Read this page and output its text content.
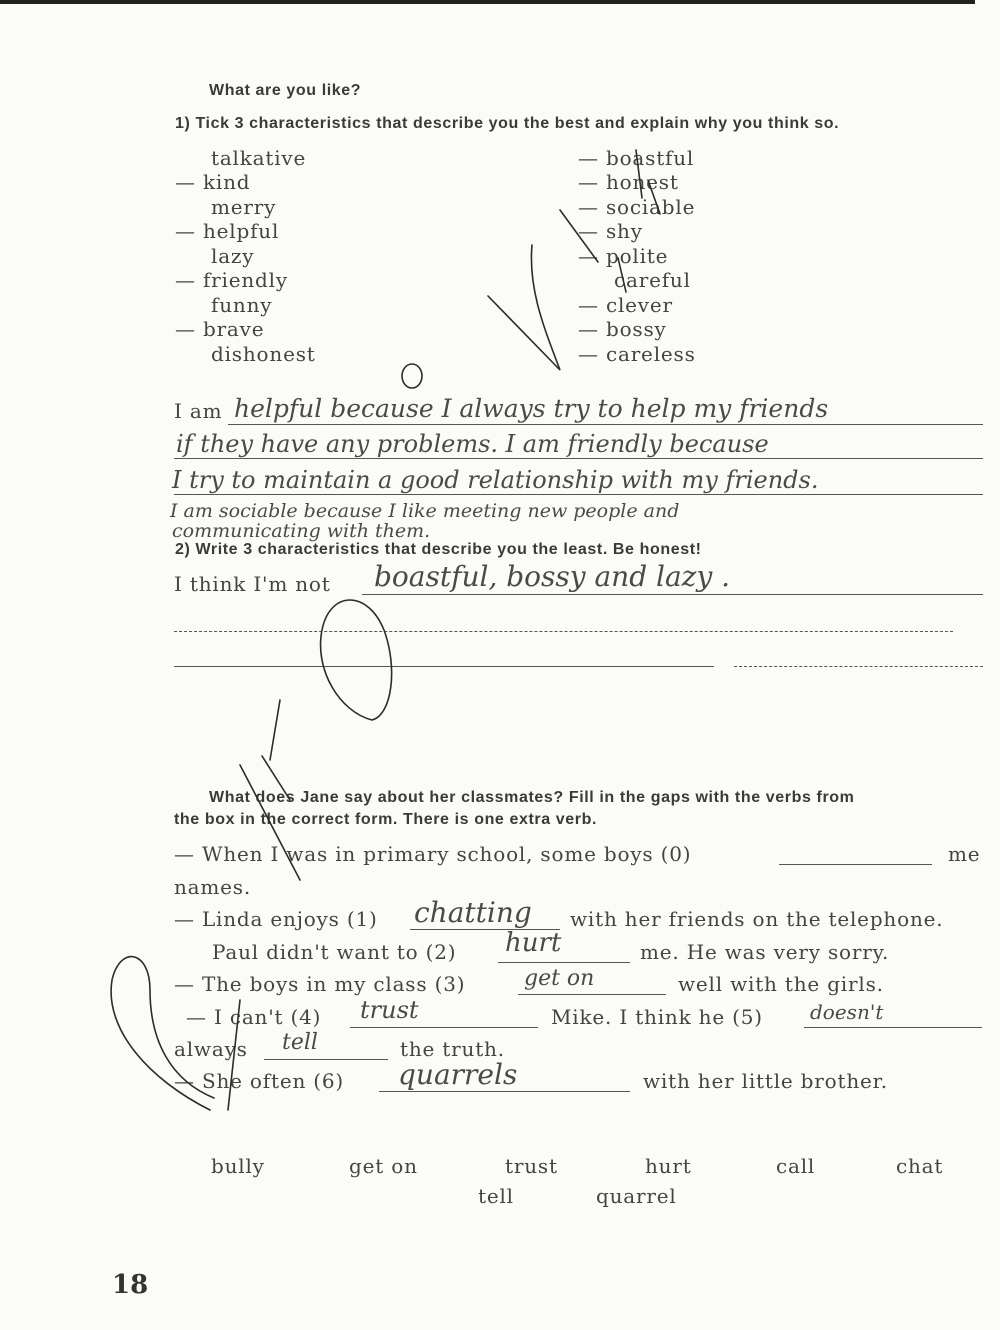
What are you like?
1) Tick 3 characteristics that describe you the best and explain why you think so.
talkative
— kind
merry
— helpful
lazy
— friendly
funny
— brave
dishonest
— boastful
— honest
— sociable
— shy
— polite
careful
— clever
— bossy
— careless
I am helpful because I always try to help my friends
if they have any problems. I am friendly because
I try to maintain a good relationship with my friends.
I am sociable because I like meeting new people and
communicating with them.
2) Write 3 characteristics that describe you the least. Be honest!
I think I'm not boastful, bossy and lazy .
What does Jane say about her classmates? Fill in the gaps with the verbs from
the box in the correct form. There is one extra verb.
— When I was in primary school, some boys (0)	me
names.
— Linda enjoys (1) chatting with her friends on the telephone.
Paul didn't want to (2) hurt	me. He was very sorry.
— The boys in my class (3)	get on	well with the girls.
— I can't (4) trust	Mike. I think he (5) doesn't
always tell	the truth.
— She often (6) quarrels	with her little brother.
bully	get on	trust	hurt	call	chat
tell	quarrel
18
